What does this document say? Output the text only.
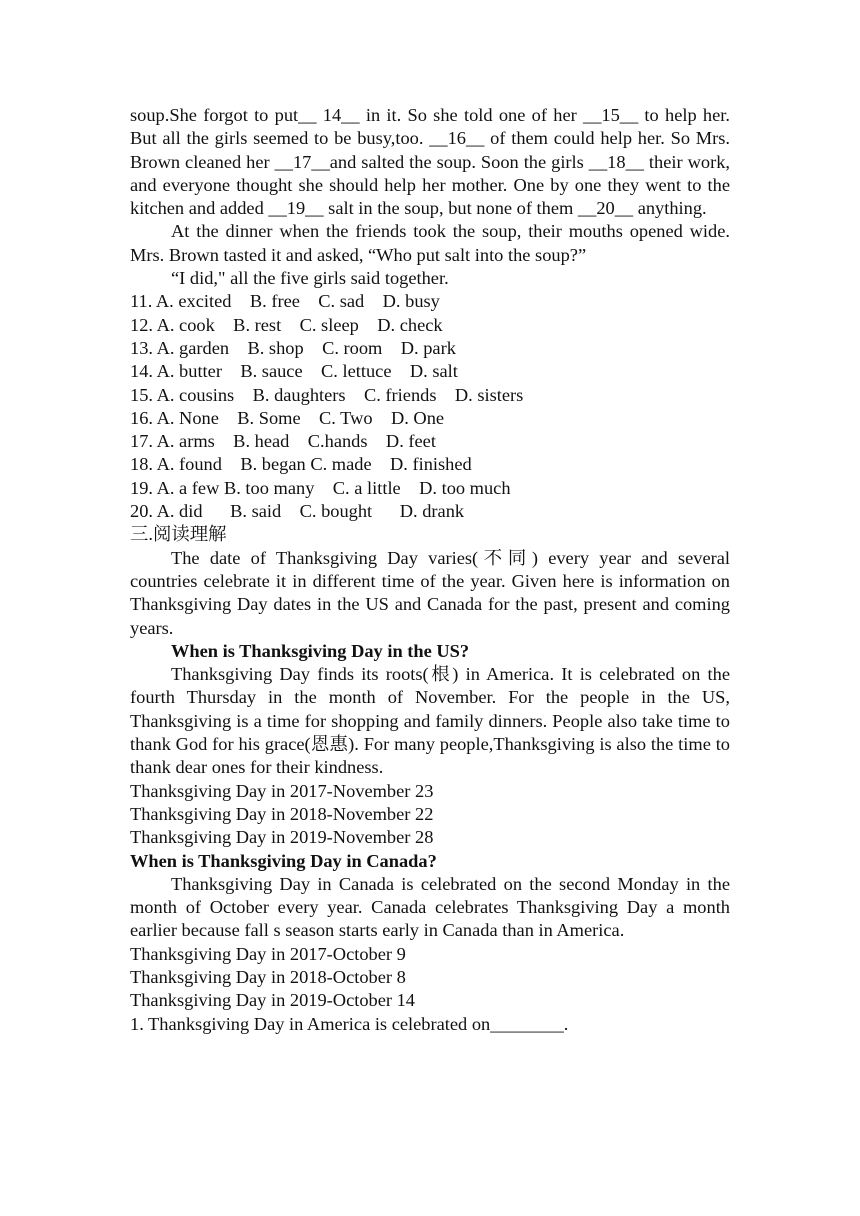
soup.She forgot to put__ 14__ in it. So she told one of her __15__ to help her. But all the girls seemed to be busy,too. __16__ of them could help her. So Mrs. Brown cleaned her __17__and salted the soup. Soon the girls __18__ their work, and everyone thought she should help her mother. One by one they went to the kitchen and added __19__ salt in the soup, but none of them __20__ anything.

At the dinner when the friends took the soup, their mouths opened wide. Mrs. Brown tasted it and asked, “Who put salt into the soup?”

“I did," all the five girls said together.

11. A. excited    B. free    C. sad    D. busy

12. A. cook    B. rest    C. sleep    D. check

13. A. garden    B. shop    C. room    D. park

14. A. butter    B. sauce    C. lettuce    D. salt

15. A. cousins    B. daughters    C. friends    D. sisters

16. A. None    B. Some    C. Two    D. One

17. A. arms    B. head    C.hands    D. feet

18. A. found    B. began C. made    D. finished

19. A. a few B. too many    C. a little    D. too much

20. A. did      B. said    C. bought      D. drank

三.阅读理解

The date of Thanksgiving Day varies(不同) every year and several countries celebrate it in different time of the year. Given here is information on Thanksgiving Day dates in the US and Canada for the past, present and coming years.

When is Thanksgiving Day in the US?

Thanksgiving Day finds its roots(根) in America. It is celebrated on the fourth Thursday in the month of November. For the people in the US, Thanksgiving is a time for shopping and family dinners. People also take time to thank God for his grace(恩惠). For many people,Thanksgiving is also the time to thank dear ones for their kindness.

Thanksgiving Day in 2017-November 23

Thanksgiving Day in 2018-November 22

Thanksgiving Day in 2019-November 28

When is Thanksgiving Day in Canada?

Thanksgiving Day in Canada is celebrated on the second Monday in the month of October every year. Canada celebrates Thanksgiving Day a month earlier because fall s season starts early in Canada than in America.

Thanksgiving Day in 2017-October 9

Thanksgiving Day in 2018-October 8

Thanksgiving Day in 2019-October 14

1. Thanksgiving Day in America is celebrated on________.
